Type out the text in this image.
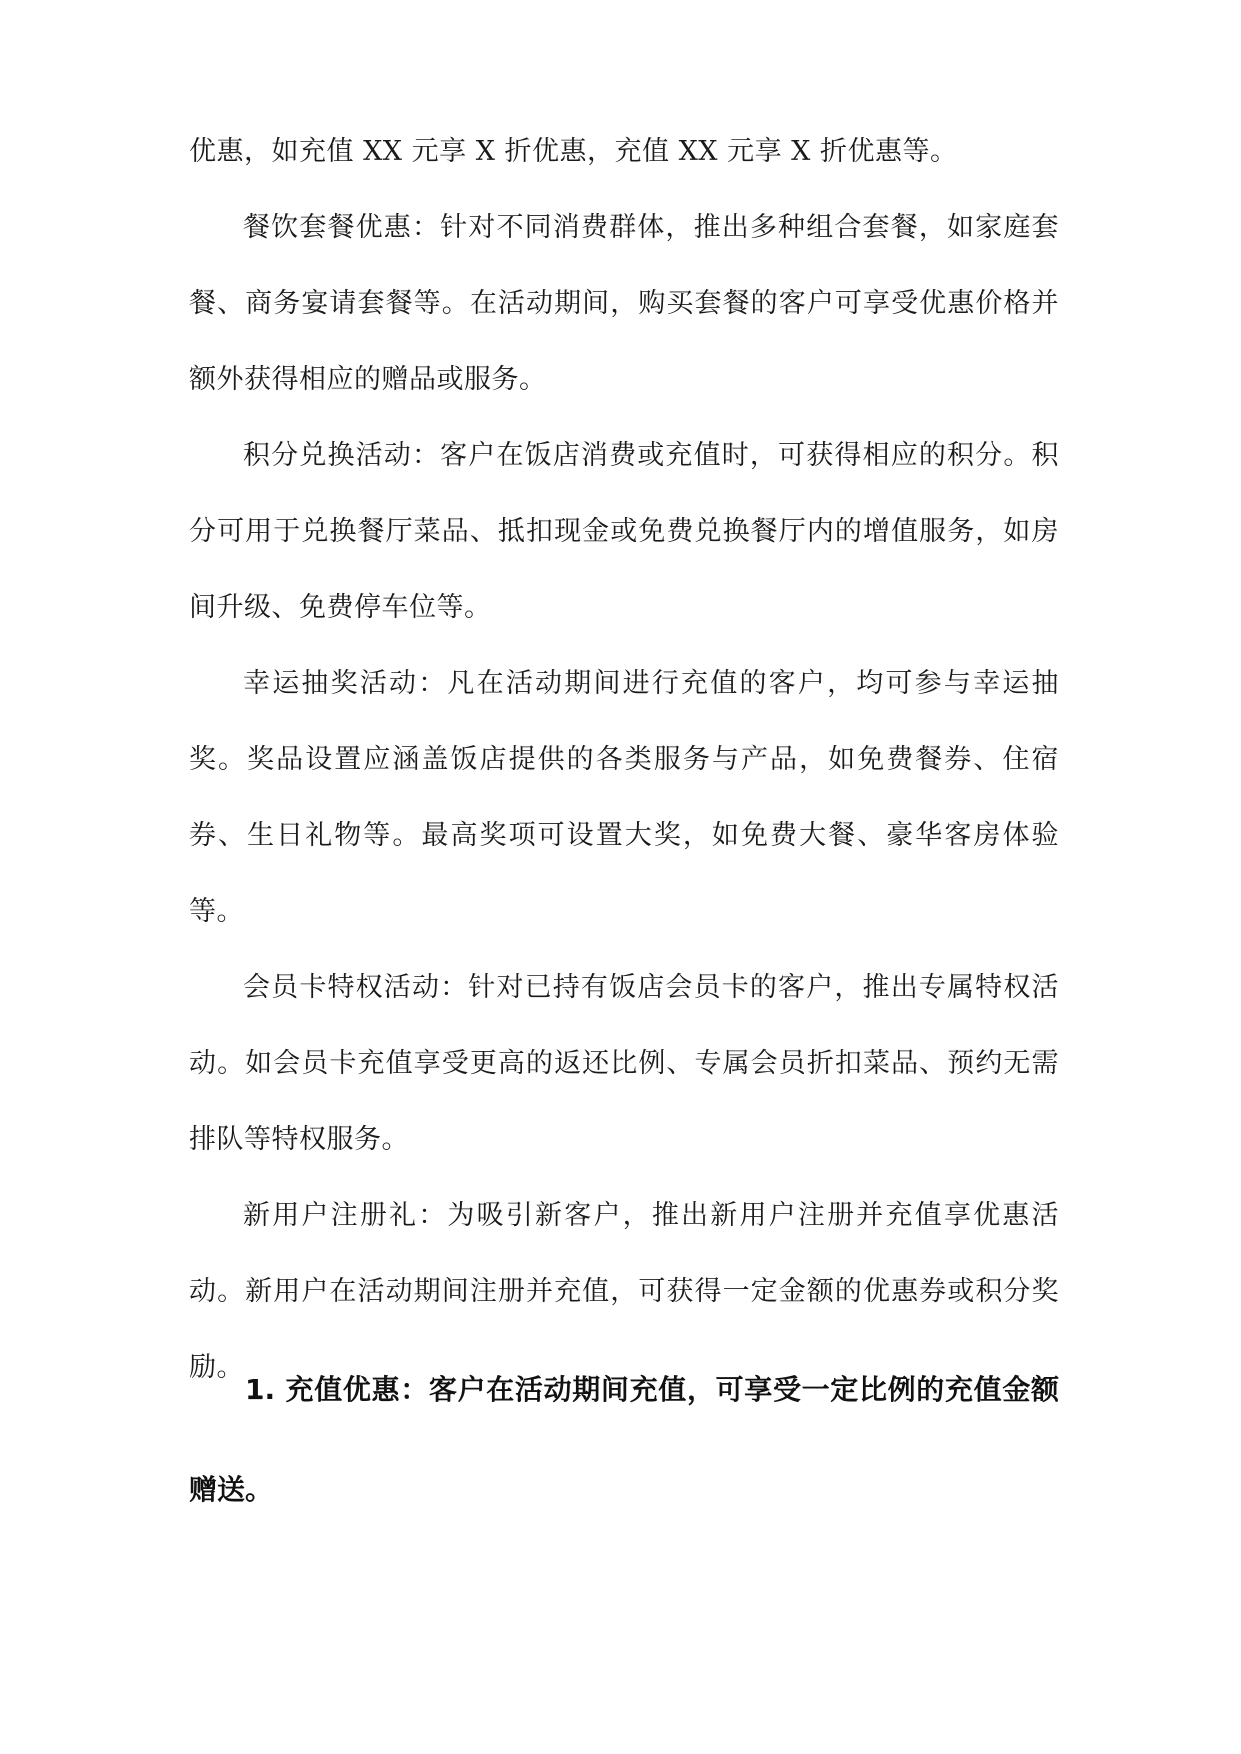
优惠，如充值 XX 元享 X 折优惠，充值 XX 元享 X 折优惠等。

餐饮套餐优惠：针对不同消费群体，推出多种组合套餐，如家庭套餐、商务宴请套餐等。在活动期间，购买套餐的客户可享受优惠价格并额外获得相应的赠品或服务。

积分兑换活动：客户在饭店消费或充值时，可获得相应的积分。积分可用于兑换餐厅菜品、抵扣现金或免费兑换餐厅内的增值服务，如房间升级、免费停车位等。

幸运抽奖活动：凡在活动期间进行充值的客户，均可参与幸运抽奖。奖品设置应涵盖饭店提供的各类服务与产品，如免费餐券、住宿券、生日礼物等。最高奖项可设置大奖，如免费大餐、豪华客房体验等。

会员卡特权活动：针对已持有饭店会员卡的客户，推出专属特权活动。如会员卡充值享受更高的返还比例、专属会员折扣菜品、预约无需排队等特权服务。

新用户注册礼：为吸引新客户，推出新用户注册并充值享优惠活动。新用户在活动期间注册并充值，可获得一定金额的优惠券或积分奖励。

1. 充值优惠：客户在活动期间充值，可享受一定比例的充值金额赠送。
